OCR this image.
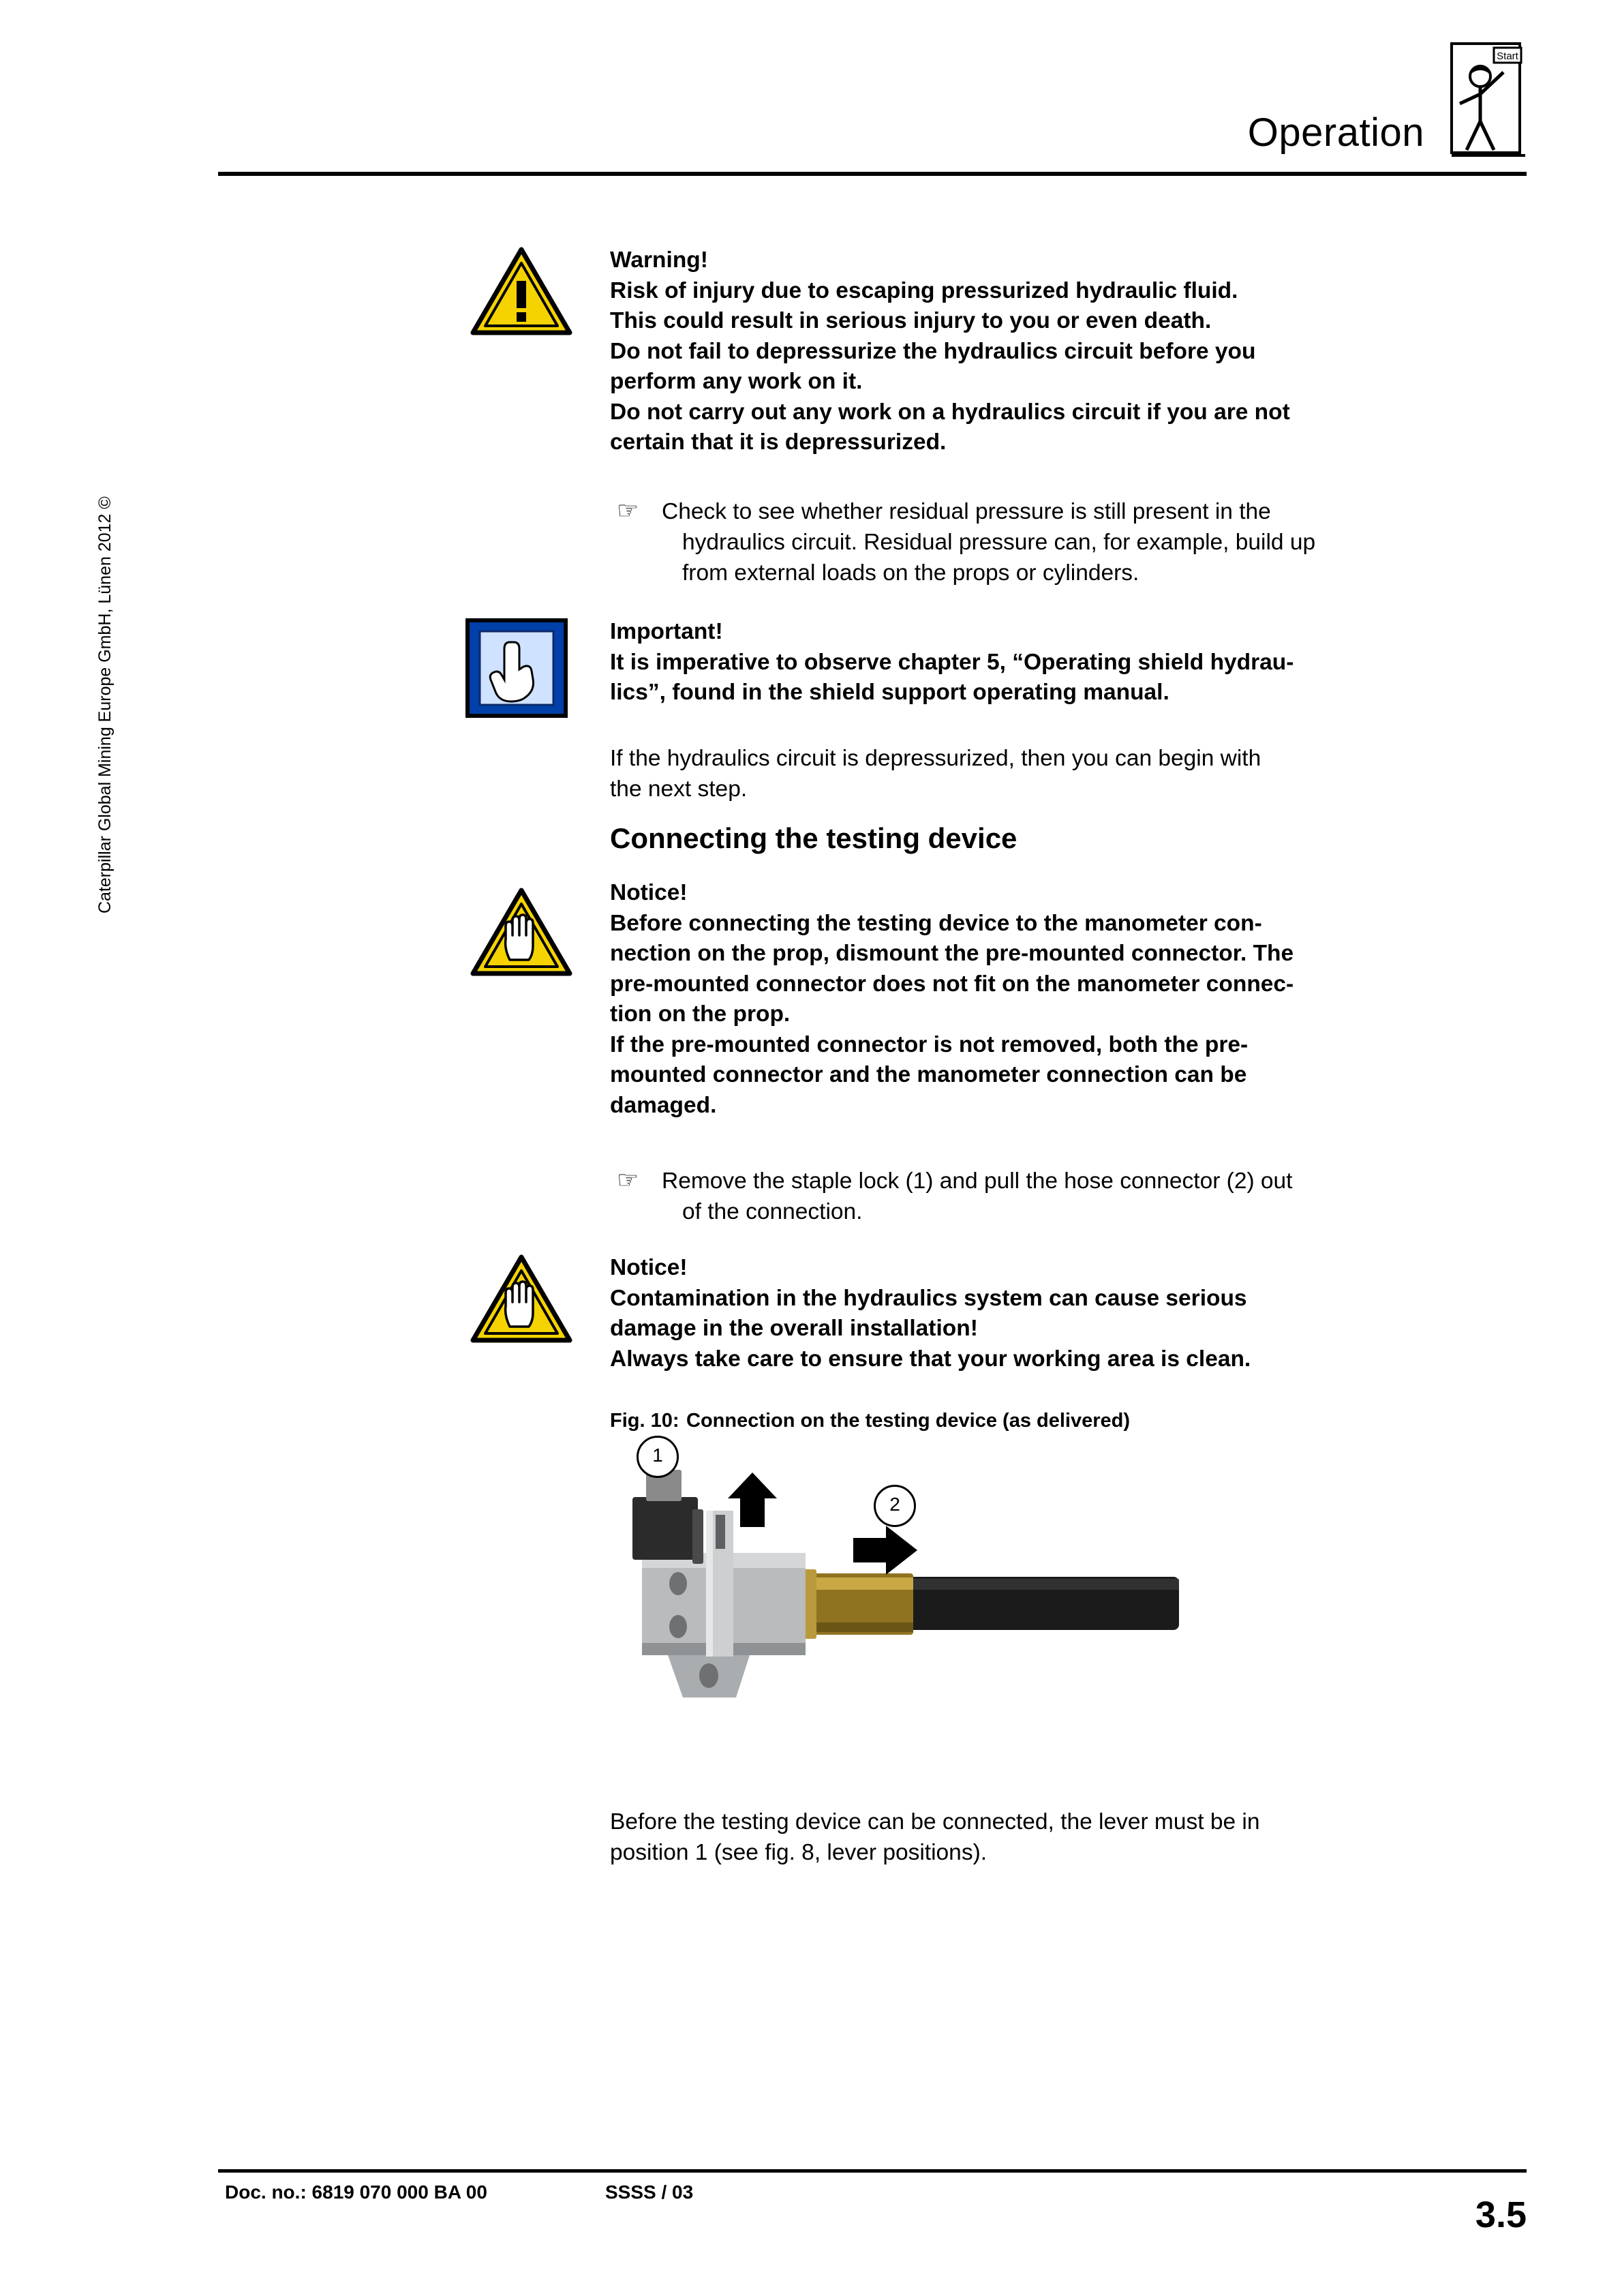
Operation
Start
Caterpillar Global Mining Europe GmbH, Lünen 2012 ©
Warning!
Risk of injury due to escaping pressurized hydraulic fluid.
This could result in serious injury to you or even death.
Do not fail to depressurize the hydraulics circuit before you
perform any work on it.
Do not carry out any work on a hydraulics circuit if you are not
certain that it is depressurized.
☞ Check to see whether residual pressure is still present in the
hydraulics circuit. Residual pressure can, for example, build up
from external loads on the props or cylinders.
Important!
It is imperative to observe chapter 5, “Operating shield hydrau-
lics”, found in the shield support operating manual.
If the hydraulics circuit is depressurized, then you can begin with
the next step.
Connecting the testing device
Notice!
Before connecting the testing device to the manometer con-
nection on the prop, dismount the pre-mounted connector. The
pre-mounted connector does not fit on the manometer connec-
tion on the prop.
If the pre-mounted connector is not removed, both the pre-
mounted connector and the manometer connection can be
damaged.
☞ Remove the staple lock (1) and pull the hose connector (2) out
of the connection.
Notice!
Contamination in the hydraulics system can cause serious
damage in the overall installation!
Always take care to ensure that your working area is clean.
Fig. 10: Connection on the testing device (as delivered)
1
2
Before the testing device can be connected, the lever must be in
position 1 (see fig. 8, lever positions).
Doc. no.: 6819 070 000 BA 00	SSSS / 03
3.5
